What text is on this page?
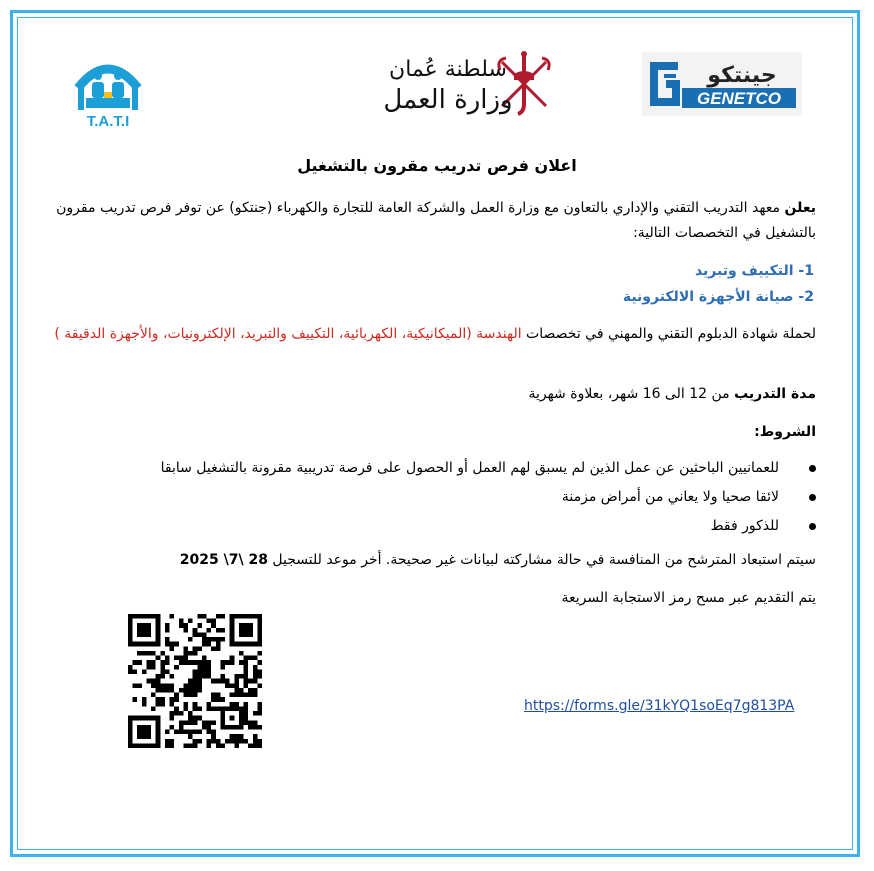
T.A.T.I
سلطنة عُمان
وزارة العمل
جينتكو
GENETCO
اعلان فرص تدريب مقرون بالتشغيل
يعلن معهد التدريب التقني والإداري بالتعاون مع وزارة العمل والشركة العامة للتجارة والكهرباء (جنتكو) عن توفر فرص تدريب مقرون بالتشغيل في التخصصات التالية:
1- التكييف وتبريد
2- صيانة الأجهزة الالكترونية
لحملة شهادة الدبلوم التقني والمهني في تخصصات الهندسة (الميكانيكية، الكهربائية، التكييف والتبريد، الإلكترونيات، والأجهزة الدقيقة )
مدة التدريب من 12 الى 16 شهر، بعلاوة شهرية
الشروط:
للعمانيين الباحثين عن عمل الذين لم يسبق لهم العمل أو الحصول على فرصة تدريبية مقرونة بالتشغيل سابقا
لائقا صحيا ولا يعاني من أمراض مزمنة
للذكور فقط
سيتم استبعاد المترشح من المنافسة في حالة مشاركته لبيانات غير صحيحة. أخر موعد للتسجيل 28 \7\ 2025
يتم التقديم عبر مسح رمز الاستجابة السريعة
https://forms.gle/31kYQ1soEq7g813PA
